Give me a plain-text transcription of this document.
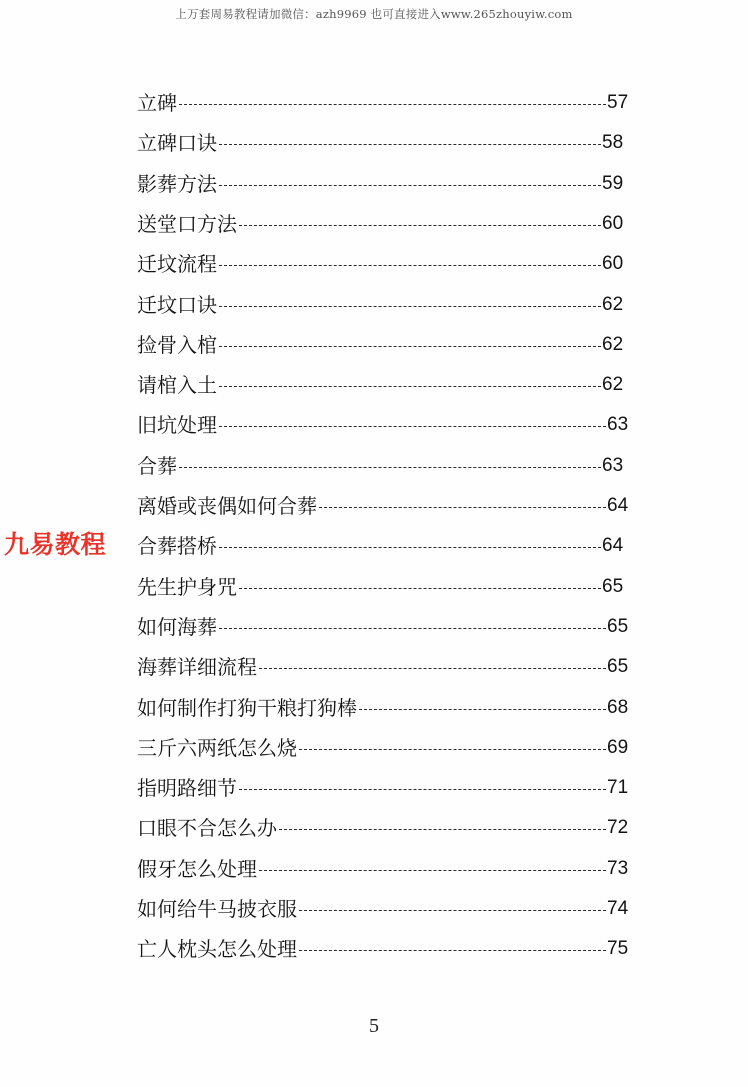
上万套周易教程请加微信：azh9969 也可直接进入www.265zhouyiw.com
立碑	57
立碑口诀	58
影葬方法	59
送堂口方法	60
迁坟流程	60
迁坟口诀	62
捡骨入棺	62
请棺入土	62
旧坑处理	63
合葬	63
离婚或丧偶如何合葬	64
合葬搭桥	64
先生护身咒	65
如何海葬	65
海葬详细流程	65
如何制作打狗干粮打狗棒	68
三斤六两纸怎么烧	69
指明路细节	71
口眼不合怎么办	72
假牙怎么处理	73
如何给牛马披衣服	74
亡人枕头怎么处理	75
九易教程
5
